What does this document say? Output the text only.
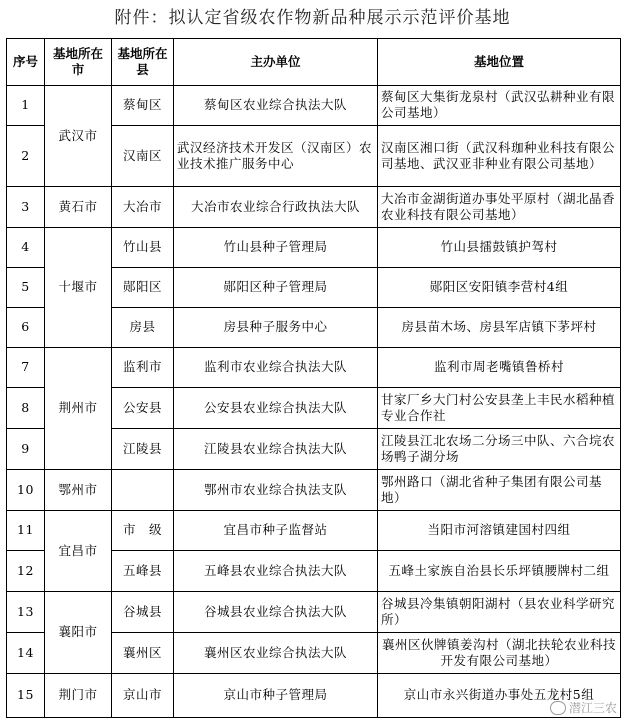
附件：拟认定省级农作物新品种展示示范评价基地
序号	基地所在市	基地所在县	主办单位	基地位置
1	武汉市	蔡甸区	蔡甸区农业综合执法大队	蔡甸区大集街龙泉村（武汉弘耕种业有限公司基地）
2		汉南区	武汉经济技术开发区（汉南区）农业技术推广服务中心	汉南区湘口街（武汉科珈种业科技有限公司基地、武汉亚非种业有限公司基地）
3	黄石市	大冶市	大冶市农业综合行政执法大队	大冶市金湖街道办事处平原村（湖北晶香农业科技有限公司基地）
4	十堰市	竹山县	竹山县种子管理局	竹山县擂鼓镇护驾村
5		郧阳区	郧阳区种子管理局	郧阳区安阳镇李营村4组
6		房县	房县种子服务中心	房县苗木场、房县军店镇下茅坪村
7	荆州市	监利市	监利市农业综合执法大队	监利市周老嘴镇鲁桥村
8		公安县	公安县农业综合执法大队	甘家厂乡大门村公安县垄上丰民水稻种植专业合作社
9		江陵县	江陵县农业综合执法大队	江陵县江北农场二分场三中队、六合垸农场鸭子湖分场
10	鄂州市		鄂州市农业综合执法支队	鄂州路口（湖北省种子集团有限公司基地）
11	宜昌市	市　级	宜昌市种子监督站	当阳市河溶镇建国村四组
12		五峰县	五峰县农业综合执法大队	五峰土家族自治县长乐坪镇腰牌村二组
13	襄阳市	谷城县	谷城县农业综合执法大队	谷城县冷集镇朝阳湖村（县农业科学研究所）
14		襄州区	襄州区农业综合执法大队	襄州区伙牌镇姜沟村（湖北扶轮农业科技开发有限公司基地）
15	荆门市	京山市	京山市种子管理局	京山市永兴街道办事处五龙村5组
潜江三农
